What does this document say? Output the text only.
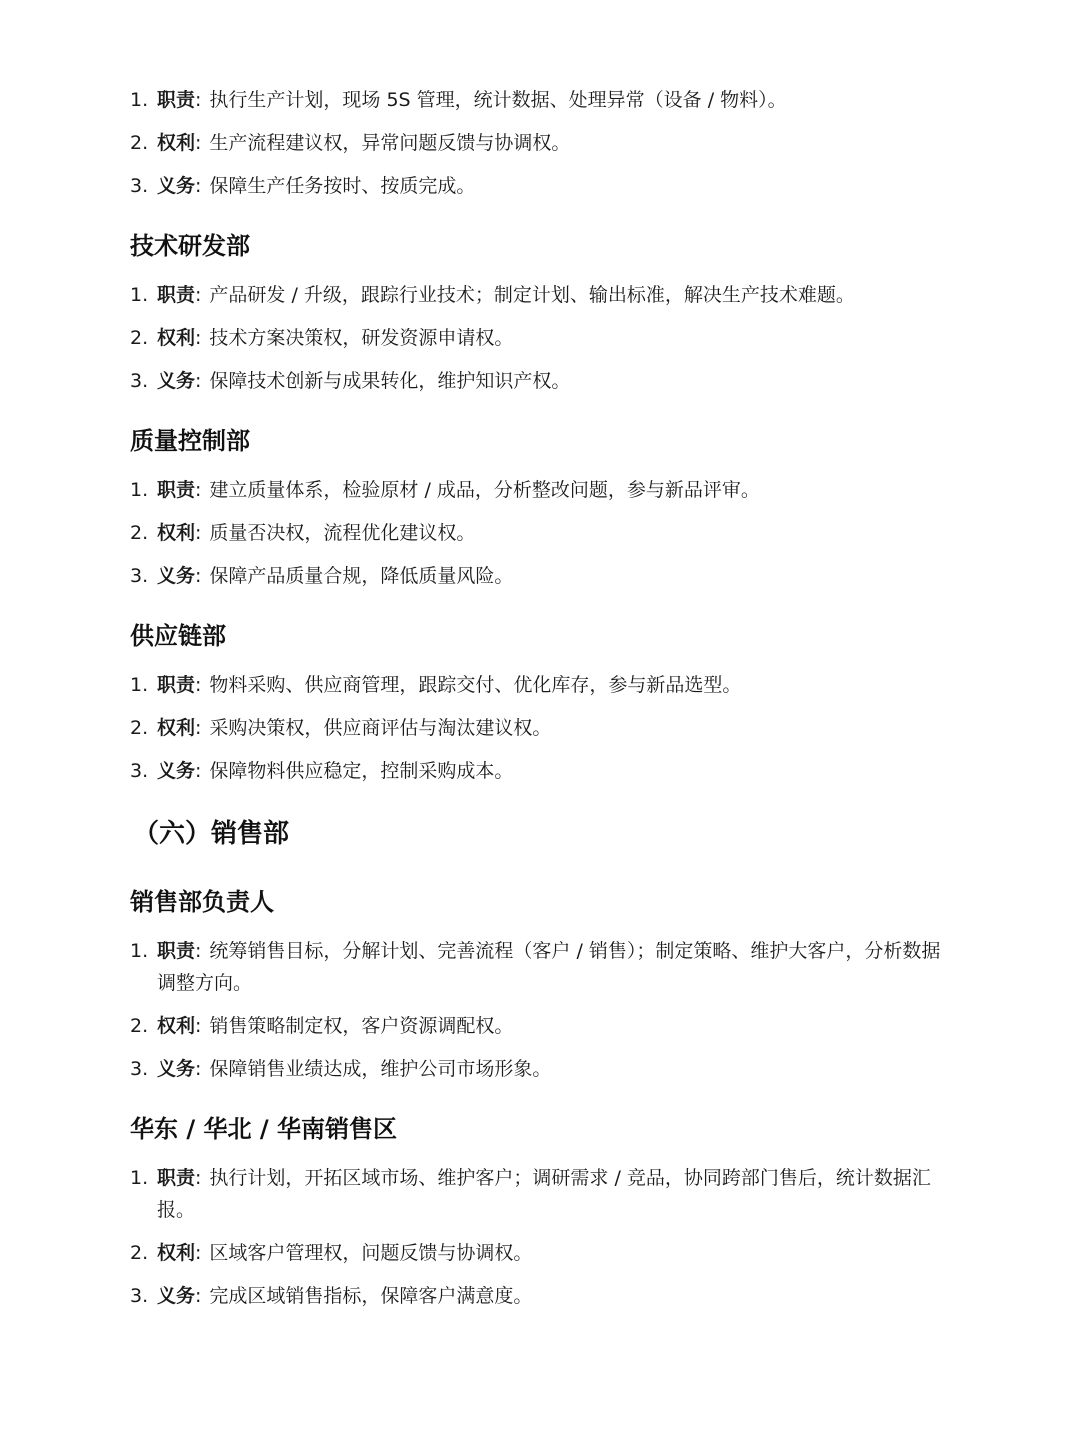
1. 职责: 执行生产计划，现场 5S 管理，统计数据、处理异常（设备 / 物料）。
2. 权利: 生产流程建议权，异常问题反馈与协调权。
3. 义务: 保障生产任务按时、按质完成。
技术研发部
1. 职责: 产品研发 / 升级，跟踪行业技术；制定计划、输出标准，解决生产技术难题。
2. 权利: 技术方案决策权，研发资源申请权。
3. 义务: 保障技术创新与成果转化，维护知识产权。
质量控制部
1. 职责: 建立质量体系，检验原材 / 成品，分析整改问题，参与新品评审。
2. 权利: 质量否决权，流程优化建议权。
3. 义务: 保障产品质量合规，降低质量风险。
供应链部
1. 职责: 物料采购、供应商管理，跟踪交付、优化库存，参与新品选型。
2. 权利: 采购决策权，供应商评估与淘汰建议权。
3. 义务: 保障物料供应稳定，控制采购成本。
（六）销售部
销售部负责人
1. 职责: 统筹销售目标，分解计划、完善流程（客户 / 销售）；制定策略、维护大客户，分析数据调整方向。
2. 权利: 销售策略制定权，客户资源调配权。
3. 义务: 保障销售业绩达成，维护公司市场形象。
华东 / 华北 / 华南销售区
1. 职责: 执行计划，开拓区域市场、维护客户；调研需求 / 竞品，协同跨部门售后，统计数据汇报。
2. 权利: 区域客户管理权，问题反馈与协调权。
3. 义务: 完成区域销售指标，保障客户满意度。
